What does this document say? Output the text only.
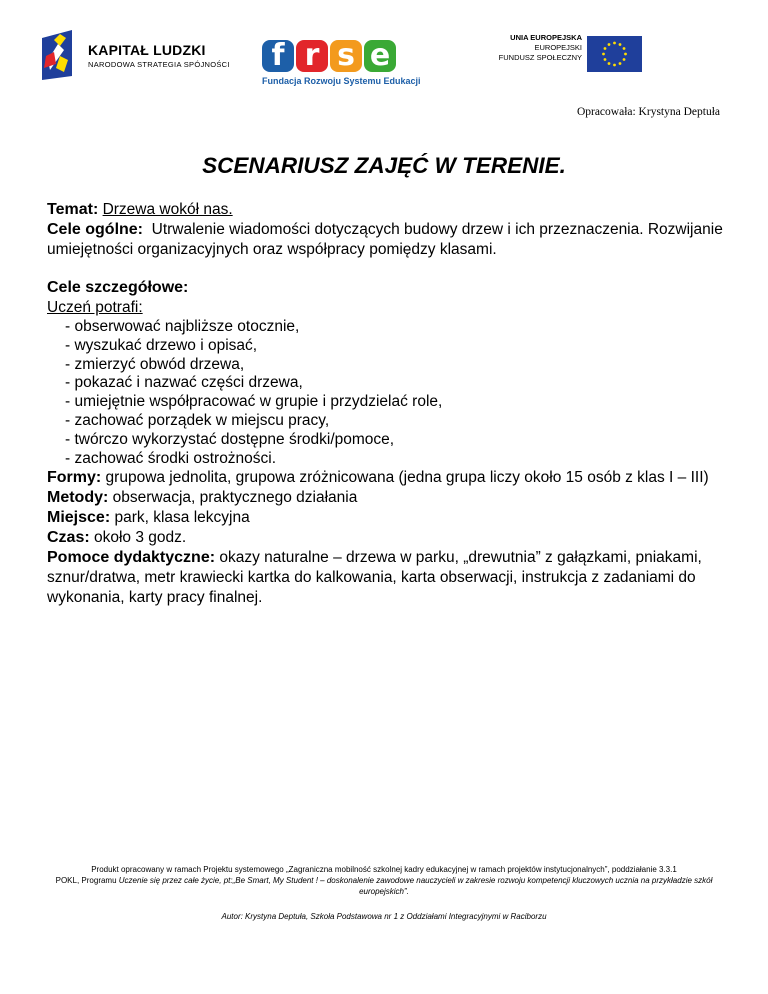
KAPITAŁ LUDZKI
NARODOWA STRATEGIA SPÓJNOŚCI	f r s e
Fundacja Rozwoju Systemu Edukacji
UNIA EUROPEJSKA
EUROPEJSKI
FUNDUSZ SPOŁECZNY
Opracowała: Krystyna Deptuła
SCENARIUSZ ZAJĘĆ W TERENIE.

Temat: Drzewa wokół nas.

Cele ogólne: Utrwalenie wiadomości dotyczących budowy drzew i ich przeznaczenia. Rozwijanie umiejętności organizacyjnych oraz współpracy pomiędzy klasami.

Cele szczegółowe:
Uczeń potrafi:
- obserwować najbliższe otocznie,
- wyszukać drzewo i opisać,
- zmierzyć obwód drzewa,
- pokazać i nazwać części drzewa,
- umiejętnie współpracować w grupie i przydzielać role,
- zachować porządek w miejscu pracy,
- twórczo wykorzystać dostępne środki/pomoce,
- zachować środki ostrożności.

Formy: grupowa jednolita, grupowa zróżnicowana (jedna grupa liczy około 15 osób z klas I – III)

Metody: obserwacja, praktycznego działania

Miejsce: park, klasa lekcyjna

Czas: około 3 godz.

Pomoce dydaktyczne: okazy naturalne – drzewa w parku, „drewutnia” z gałązkami, pniakami, sznur/dratwa, metr krawiecki kartka do kalkowania, karta obserwacji, instrukcja z zadaniami do wykonania, karty pracy finalnej.

Produkt opracowany w ramach Projektu systemowego „Zagraniczna mobilność szkolnej kadry edukacyjnej w ramach projektów instytucjonalnych”, poddziałanie 3.3.1
POKL, Programu Uczenie się przez całe życie, pt:„Be Smart, My Student ! – doskonalenie zawodowe nauczycieli w zakresie rozwoju kompetencji kluczowych ucznia na przykładzie szkół europejskich”.
Autor: Krystyna Deptuła, Szkoła Podstawowa nr 1 z Oddziałami Integracyjnymi w Raciborzu
